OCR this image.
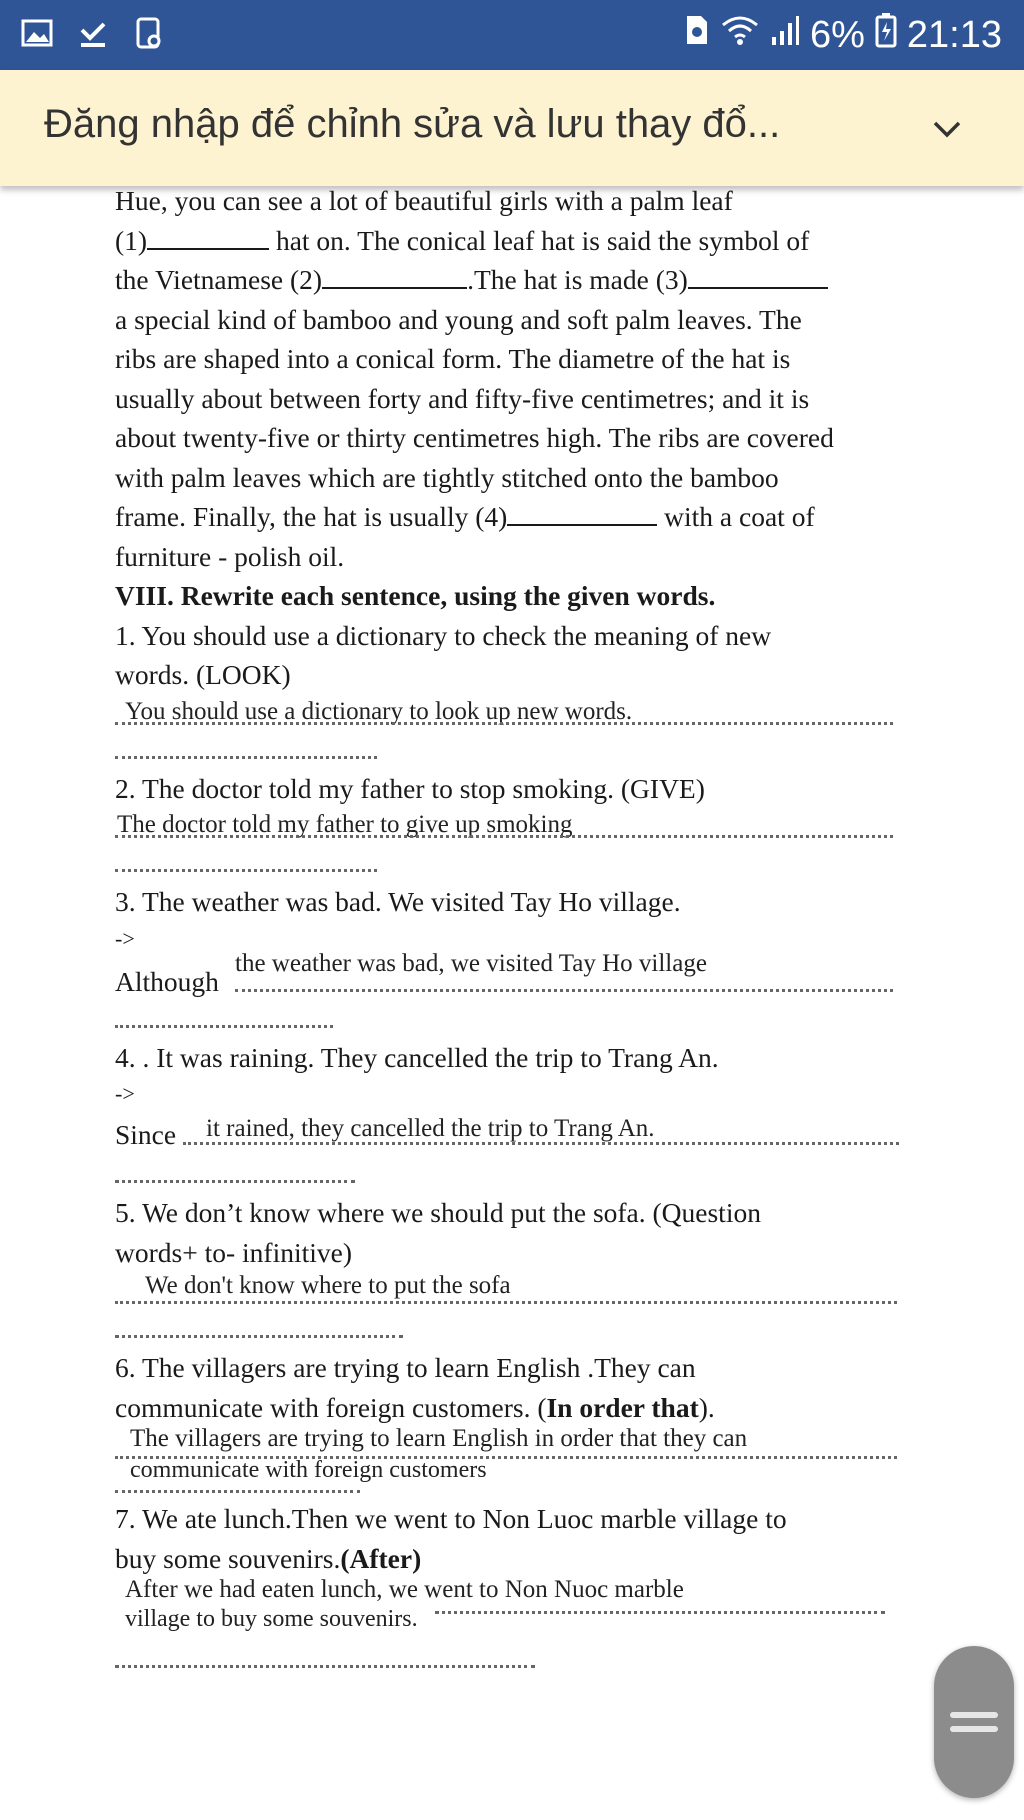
6% 21:13
Đăng nhập để chỉnh sửa và lưu thay đổ...

Hue, you can see a lot of beautiful girls with a palm leaf

(1)	hat on. The conical leaf hat is said the symbol of

the Vietnamese (2)	.The hat is made (3)

a special kind of bamboo and young and soft palm leaves. The

ribs are shaped into a conical form. The diametre of the hat is

usually about between forty and fifty-five centimetres; and it is

about twenty-five or thirty centimetres high. The ribs are covered

with palm leaves which are tightly stitched onto the bamboo

frame. Finally, the hat is usually (4)	with a coat of

furniture - polish oil.

VIII. Rewrite each sentence, using the given words.

1. You should use a dictionary to check the meaning of new

words. (LOOK)

You should use a dictionary to look up new words.

2. The doctor told my father to stop smoking. (GIVE)

The doctor told my father to give up smoking

3. The weather was bad. We visited Tay Ho village.

->

Although
the weather was bad, we visited Tay Ho village

4. . It was raining. They cancelled the trip to Trang An.

->

Since it rained, they cancelled the trip to Trang An.

5. We don’t know where we should put the sofa. (Question

words+ to- infinitive)

We don't know where to put the sofa

6. The villagers are trying to learn English .They can

communicate with foreign customers. (In order that).

The villagers are trying to learn English in order that they can
communicate with foreign customers

7. We ate lunch.Then we went to Non Luoc marble village to

buy some souvenirs.(After)

After we had eaten lunch, we went to Non Nuoc marble
village to buy some souvenirs.
